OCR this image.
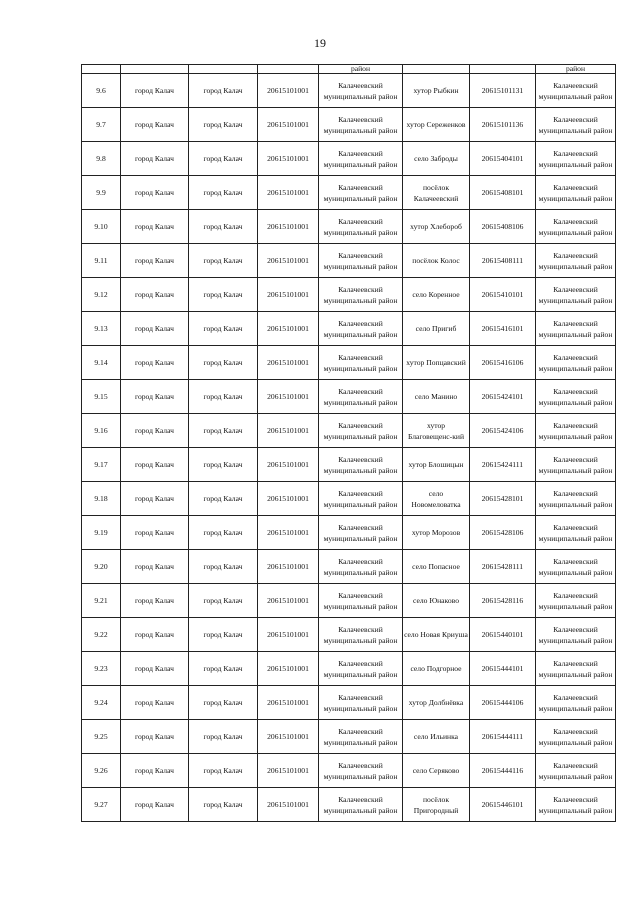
19
				район			район
9.6	город Калач	город Калач	20615101001	Калачеевский муниципальный район	хутор Рыбкин	20615101131	Калачеевский муниципальный район
9.7	город Калач	город Калач	20615101001	Калачеевский муниципальный район	хутор Сереженков	20615101136	Калачеевский муниципальный район
9.8	город Калач	город Калач	20615101001	Калачеевский муниципальный район	село Заброды	20615404101	Калачеевский муниципальный район
9.9	город Калач	город Калач	20615101001	Калачеевский муниципальный район	посёлок Калачеевский	20615408101	Калачеевский муниципальный район
9.10	город Калач	город Калач	20615101001	Калачеевский муниципальный район	хутор Хлебороб	20615408106	Калачеевский муниципальный район
9.11	город Калач	город Калач	20615101001	Калачеевский муниципальный район	посёлок Колос	20615408111	Калачеевский муниципальный район
9.12	город Калач	город Калач	20615101001	Калачеевский муниципальный район	село Коренное	20615410101	Калачеевский муниципальный район
9.13	город Калач	город Калач	20615101001	Калачеевский муниципальный район	село Пригиб	20615416101	Калачеевский муниципальный район
9.14	город Калач	город Калач	20615101001	Калачеевский муниципальный район	хутор Попцавский	20615416106	Калачеевский муниципальный район
9.15	город Калач	город Калач	20615101001	Калачеевский муниципальный район	село Манино	20615424101	Калачеевский муниципальный район
9.16	город Калач	город Калач	20615101001	Калачеевский муниципальный район	хутор Благовещенс-кий	20615424106	Калачеевский муниципальный район
9.17	город Калач	город Калач	20615101001	Калачеевский муниципальный район	хутор Блошицын	20615424111	Калачеевский муниципальный район
9.18	город Калач	город Калач	20615101001	Калачеевский муниципальный район	село Новомеловатка	20615428101	Калачеевский муниципальный район
9.19	город Калач	город Калач	20615101001	Калачеевский муниципальный район	хутор Морозов	20615428106	Калачеевский муниципальный район
9.20	город Калач	город Калач	20615101001	Калачеевский муниципальный район	село Попасное	20615428111	Калачеевский муниципальный район
9.21	город Калач	город Калач	20615101001	Калачеевский муниципальный район	село Юнаково	20615428116	Калачеевский муниципальный район
9.22	город Калач	город Калач	20615101001	Калачеевский муниципальный район	село Новая Криуша	20615440101	Калачеевский муниципальный район
9.23	город Калач	город Калач	20615101001	Калачеевский муниципальный район	село Подгорное	20615444101	Калачеевский муниципальный район
9.24	город Калач	город Калач	20615101001	Калачеевский муниципальный район	хутор Долбнёвка	20615444106	Калачеевский муниципальный район
9.25	город Калач	город Калач	20615101001	Калачеевский муниципальный район	село Ильинка	20615444111	Калачеевский муниципальный район
9.26	город Калач	город Калач	20615101001	Калачеевский муниципальный район	село Серяково	20615444116	Калачеевский муниципальный район
9.27	город Калач	город Калач	20615101001	Калачеевский муниципальный район	посёлок Пригородный	20615446101	Калачеевский муниципальный район
